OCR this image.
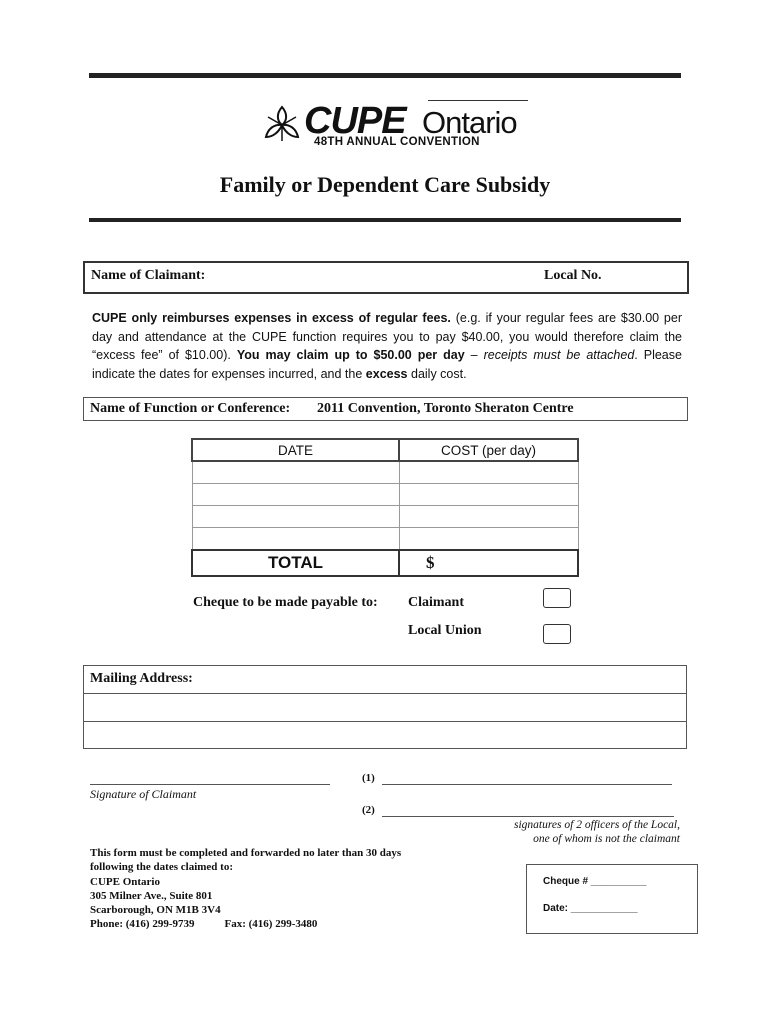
CUPE Ontario
48TH ANNUAL CONVENTION
Family or Dependent Care Subsidy
Name of Claimant:	Local No.
CUPE only reimburses expenses in excess of regular fees. (e.g. if your regular fees are $30.00 per day and attendance at the CUPE function requires you to pay $40.00, you would therefore claim the “excess fee” of $10.00). You may claim up to $50.00 per day – receipts must be attached. Please indicate the dates for expenses incurred, and the excess daily cost.
Name of Function or Conference: 2011 Convention, Toronto Sheraton Centre
DATE	COST (per day)

TOTAL	$
Cheque to be made payable to: Claimant
Local Union
Mailing Address:
Signature of Claimant
(1)
(2)
signatures of 2 officers of the Local,
one of whom is not the claimant
This form must be completed and forwarded no later than 30 days
following the dates claimed to:
CUPE Ontario
305 Milner Ave., Suite 801
Scarborough, ON M1B 3V4
Phone: (416) 299-9739	Fax: (416) 299-3480
Cheque # __________
Date: ____________
